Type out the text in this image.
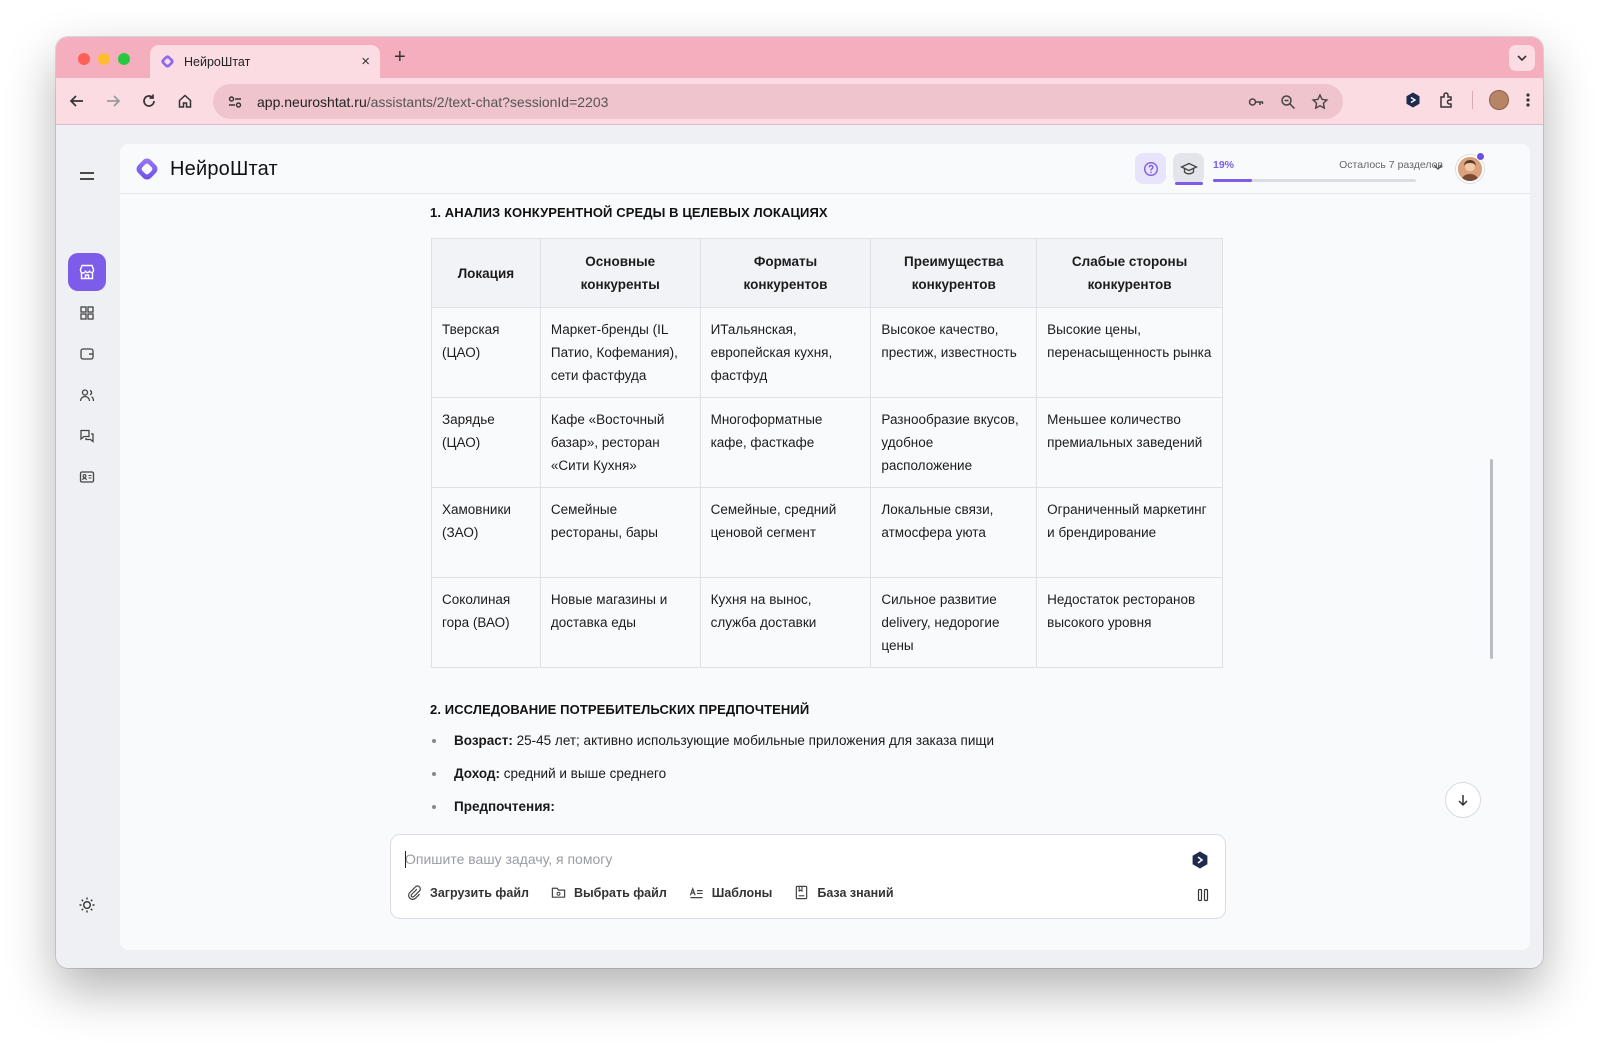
НейроШтат	× +
app.neuroshtat.ru/assistants/2/text-chat?sessionId=2203
НейроШтат	19%	Осталось 7 разделов
1. АНАЛИЗ КОНКУРЕНТНОЙ СРЕДЫ В ЦЕЛЕВЫХ ЛОКАЦИЯХ
Локация	Основные конкуренты	Форматы конкурентов	Преимущества конкурентов	Слабые стороны конкурентов
Тверская (ЦАО)	Маркет-бренды (IL Патио, Кофемания), сети фастфуда	ИТальянская, европейская кухня, фастфуд	Высокое качество, престиж, известность	Высокие цены, перенасыщенность рынка
Зарядье (ЦАО)	Кафе «Восточный базар», ресторан «Сити Кухня»	Многоформатные кафе, фасткафе	Разнообразие вкусов, удобное расположение	Меньшее количество премиальных заведений
Хамовники (ЗАО)	Семейные рестораны, бары	Семейные, средний ценовой сегмент	Локальные связи, атмосфера уюта	Ограниченный маркетинг и брендирование
Соколиная гора (ВАО)	Новые магазины и доставка еды	Кухня на вынос, служба доставки	Сильное развитие delivery, недорогие цены	Недостаток ресторанов высокого уровня
2. ИССЛЕДОВАНИЕ ПОТРЕБИТЕЛЬСКИХ ПРЕДПОЧТЕНИЙ
Возраст: 25-45 лет; активно использующие мобильные приложения для заказа пищи
Доход: средний и выше среднего
Предпочтения:
Опишите вашу задачу, я помогу
Загрузить файл	Выбрать файл	Шаблоны	База знаний
